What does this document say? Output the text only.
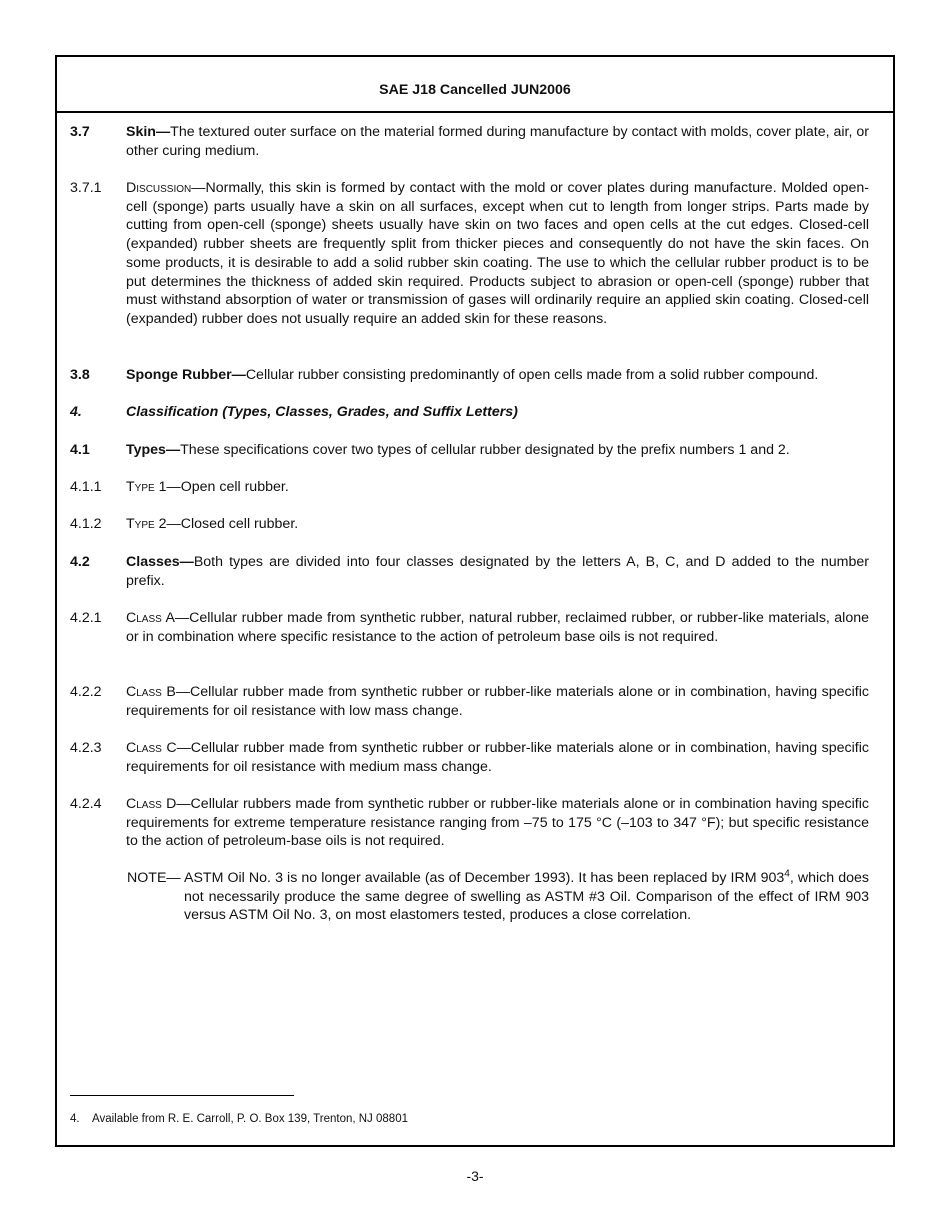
SAE J18 Cancelled JUN2006
3.7	Skin—The textured outer surface on the material formed during manufacture by contact with molds, cover plate, air, or other curing medium.
3.7.1 Discussion—Normally, this skin is formed by contact with the mold or cover plates during manufacture. Molded open-cell (sponge) parts usually have a skin on all surfaces, except when cut to length from longer strips. Parts made by cutting from open-cell (sponge) sheets usually have skin on two faces and open cells at the cut edges. Closed-cell (expanded) rubber sheets are frequently split from thicker pieces and consequently do not have the skin faces. On some products, it is desirable to add a solid rubber skin coating. The use to which the cellular rubber product is to be put determines the thickness of added skin required. Products subject to abrasion or open-cell (sponge) rubber that must withstand absorption of water or transmission of gases will ordinarily require an applied skin coating. Closed-cell (expanded) rubber does not usually require an added skin for these reasons.
3.8	Sponge Rubber—Cellular rubber consisting predominantly of open cells made from a solid rubber compound.
4.	Classification (Types, Classes, Grades, and Suffix Letters)
4.1	Types—These specifications cover two types of cellular rubber designated by the prefix numbers 1 and 2.
4.1.1 Type 1—Open cell rubber.
4.1.2 Type 2—Closed cell rubber.
4.2	Classes—Both types are divided into four classes designated by the letters A, B, C, and D added to the number prefix.
4.2.1 Class A—Cellular rubber made from synthetic rubber, natural rubber, reclaimed rubber, or rubber-like materials, alone or in combination where specific resistance to the action of petroleum base oils is not required.
4.2.2 Class B—Cellular rubber made from synthetic rubber or rubber-like materials alone or in combination, having specific requirements for oil resistance with low mass change.
4.2.3 Class C—Cellular rubber made from synthetic rubber or rubber-like materials alone or in combination, having specific requirements for oil resistance with medium mass change.
4.2.4 Class D—Cellular rubbers made from synthetic rubber or rubber-like materials alone or in combination having specific requirements for extreme temperature resistance ranging from –75 to 175 °C (–103 to 347 °F); but specific resistance to the action of petroleum-base oils is not required.
NOTE— ASTM Oil No. 3 is no longer available (as of December 1993). It has been replaced by IRM $903^4$, which does not necessarily produce the same degree of swelling as ASTM #3 Oil. Comparison of the effect of IRM 903 versus ASTM Oil No. 3, on most elastomers tested, produces a close correlation.
4. Available from R. E. Carroll, P. O. Box 139, Trenton, NJ 08801
-3-
